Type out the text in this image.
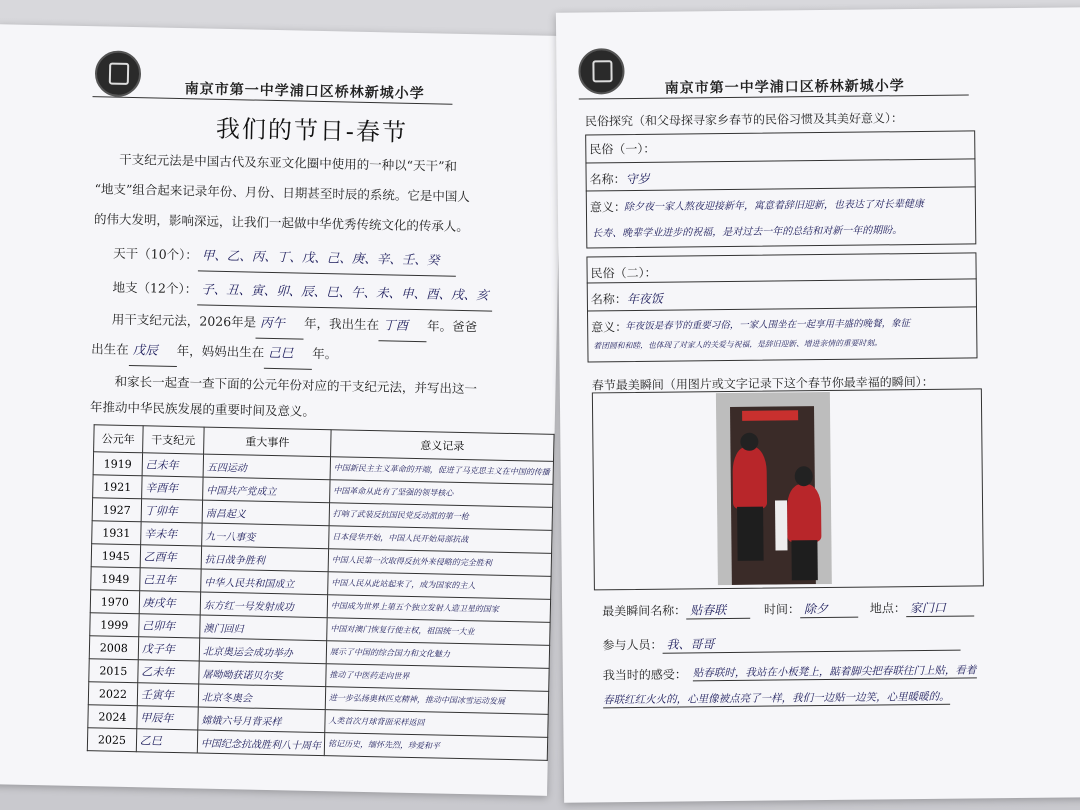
南京市第一中学浦口区桥林新城小学
我们的节日-春节
干支纪元法是中国古代及东亚文化圈中使用的一种以“天干”和
“地支”组合起来记录年份、月份、日期甚至时辰的系统。它是中国人
的伟大发明，影响深远，让我们一起做中华优秀传统文化的传承人。
天干（10个）： 甲、乙、丙、丁、戊、己、庚、辛、壬、癸
地支（12个）： 子、丑、寅、卯、辰、巳、午、未、申、酉、戌、亥
用干支纪元法，2026年是 丙午 年，我出生在 丁酉 年。爸爸
出生在 戊辰 年，妈妈出生在 己巳 年。
和家长一起查一查下面的公元年份对应的干支纪元法，并写出这一
年推动中华民族发展的重要时间及意义。
公元年	干支纪元	重大事件	意义记录
1919	己未年	五四运动	中国新民主主义革命的开端，促进了马克思主义在中国的传播
1921	辛酉年	中国共产党成立	中国革命从此有了坚强的领导核心
1927	丁卯年	南昌起义	打响了武装反抗国民党反动派的第一枪
1931	辛未年	九一八事变	日本侵华开始，中国人民开始局部抗战
1945	乙酉年	抗日战争胜利	中国人民第一次取得反抗外来侵略的完全胜利
1949	己丑年	中华人民共和国成立	中国人民从此站起来了，成为国家的主人
1970	庚戌年	东方红一号发射成功	中国成为世界上第五个独立发射人造卫星的国家
1999	己卯年	澳门回归	中国对澳门恢复行使主权，祖国统一大业
2008	戊子年	北京奥运会成功举办	展示了中国的综合国力和文化魅力
2015	乙未年	屠呦呦获诺贝尔奖	推动了中医药走向世界
2022	壬寅年	北京冬奥会	进一步弘扬奥林匹克精神，推动中国冰雪运动发展
2024	甲辰年	嫦娥六号月背采样	人类首次月球背面采样返回
2025	乙巳	中国纪念抗战胜利八十周年	铭记历史，缅怀先烈，珍爱和平
南京市第一中学浦口区桥林新城小学
民俗探究（和父母探寻家乡春节的民俗习惯及其美好意义）：
民俗（一）：
名称：守岁
意义：
除夕夜一家人熬夜迎接新年，寓意着辞旧迎新，也表达了对长辈健康
长寿、晚辈学业进步的祝福，是对过去一年的总结和对新一年的期盼。
民俗（二）：
名称：年夜饭
意义：
年夜饭是春节的重要习俗，一家人围坐在一起享用丰盛的晚餐，象征
着团圆和和睦，也体现了对家人的关爱与祝福，是辞旧迎新、增进亲情的重要时刻。
春节最美瞬间（用图片或文字记录下这个春节你最幸福的瞬间）：
最美瞬间名称： 贴春联	时间： 除夕	地点： 家门口
参与人员： 我、哥哥
我当时的感受： 贴春联时，我站在小板凳上，踮着脚尖把春联往门上贴，看着
春联红红火火的，心里像被点亮了一样，我们一边贴一边笑，心里暖暖的。
